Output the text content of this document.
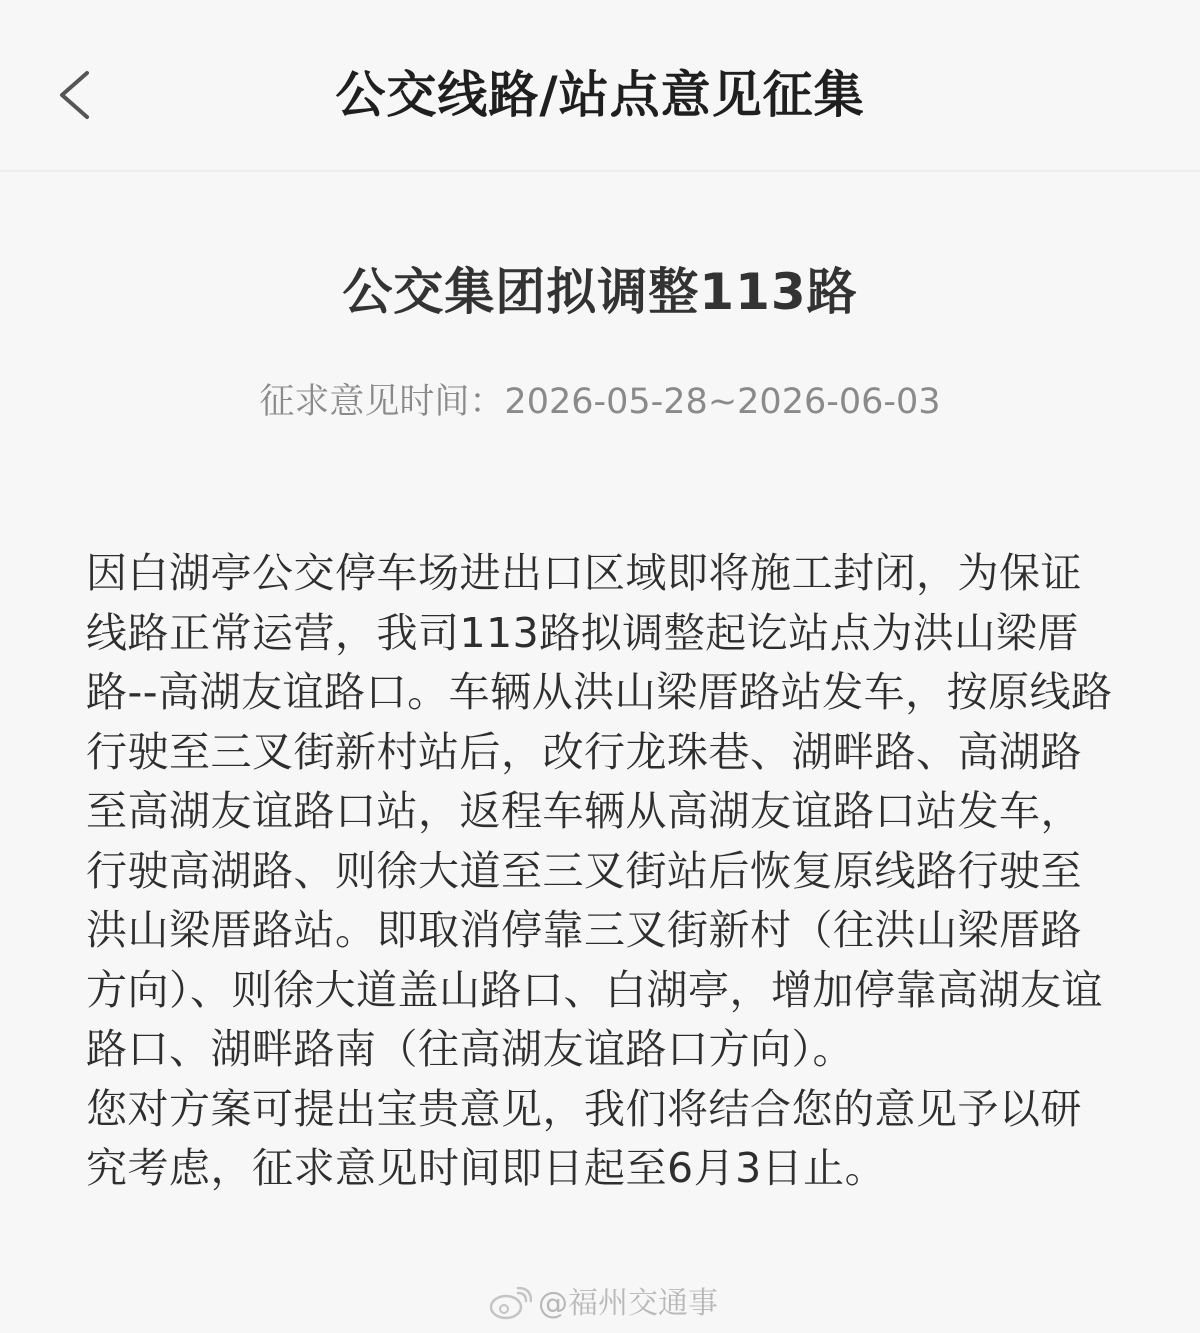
公交线路/站点意见征集
公交集团拟调整113路
征求意见时间：2026-05-28~2026-06-03

因白湖亭公交停车场进出口区域即将施工封闭，为保证线路正常运营，我司113路拟调整起讫站点为洪山梁厝路--高湖友谊路口。车辆从洪山梁厝路站发车，按原线路行驶至三叉街新村站后，改行龙珠巷、湖畔路、高湖路至高湖友谊路口站，返程车辆从高湖友谊路口站发车，行驶高湖路、则徐大道至三叉街站后恢复原线路行驶至洪山梁厝路站。即取消停靠三叉街新村（往洪山梁厝路方向）、则徐大道盖山路口、白湖亭，增加停靠高湖友谊路口、湖畔路南（往高湖友谊路口方向）。

您对方案可提出宝贵意见，我们将结合您的意见予以研究考虑，征求意见时间即日起至6月3日止。

@福州交通事
